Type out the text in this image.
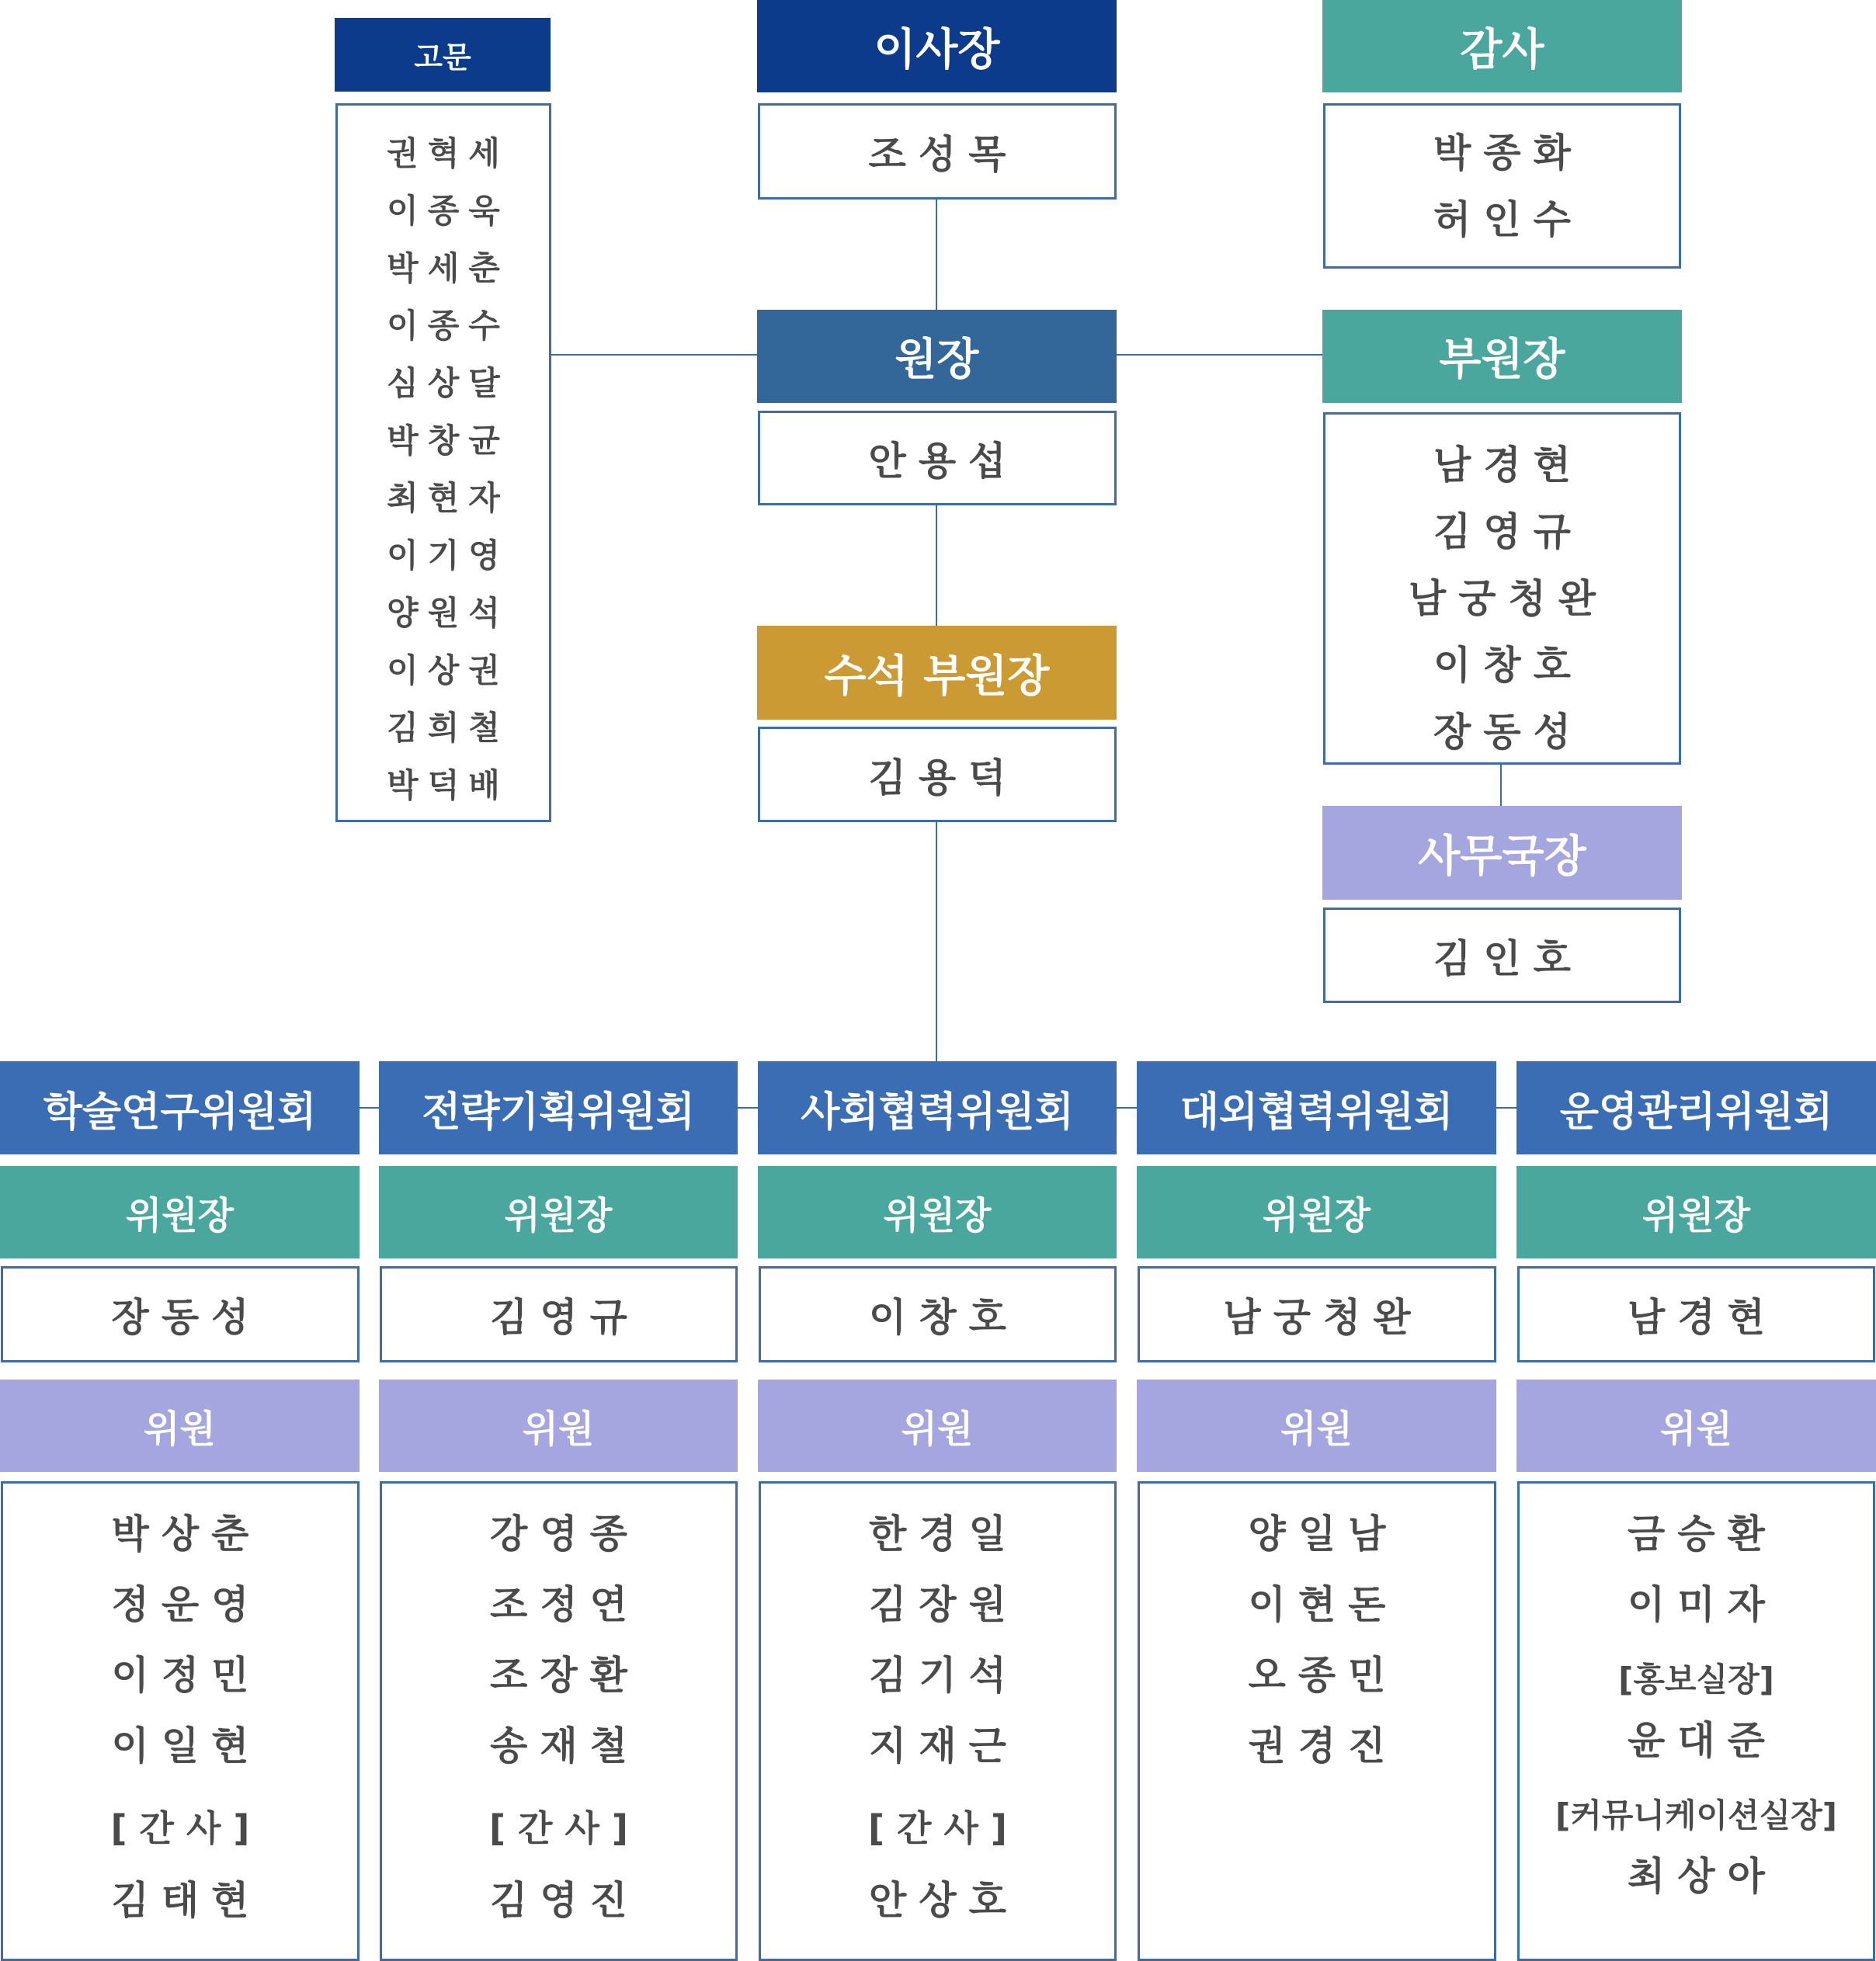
고문
권혁세
이종욱
박세춘
이종수
심상달
박창균
최현자
이기영
양원석
이상권
김희철
박덕배
이사장
조성목
감사
박종화
허인수
원장
안용섭
부원장
남경현
김영규
남궁청완
이창호
장동성
수석 부원장
김용덕
사무국장
김인호
학술연구위원회
위원장
장동성
위원
박상춘
정운영
이정민
이일현
[간사]
김태현
전략기획위원회
위원장
김영규
위원
강영종
조정연
조장환
송재철
[간사]
김영진
사회협력위원회
위원장
이창호
위원
한경일
김장원
김기석
지재근
[간사]
안상호
대외협력위원회
위원장
남궁청완
위원
양일남
이현돈
오종민
권경진
운영관리위원회
위원장
남경현
위원
금승환
이미자
[홍보실장]
윤대준
[커뮤니케이션실장]
최상아
